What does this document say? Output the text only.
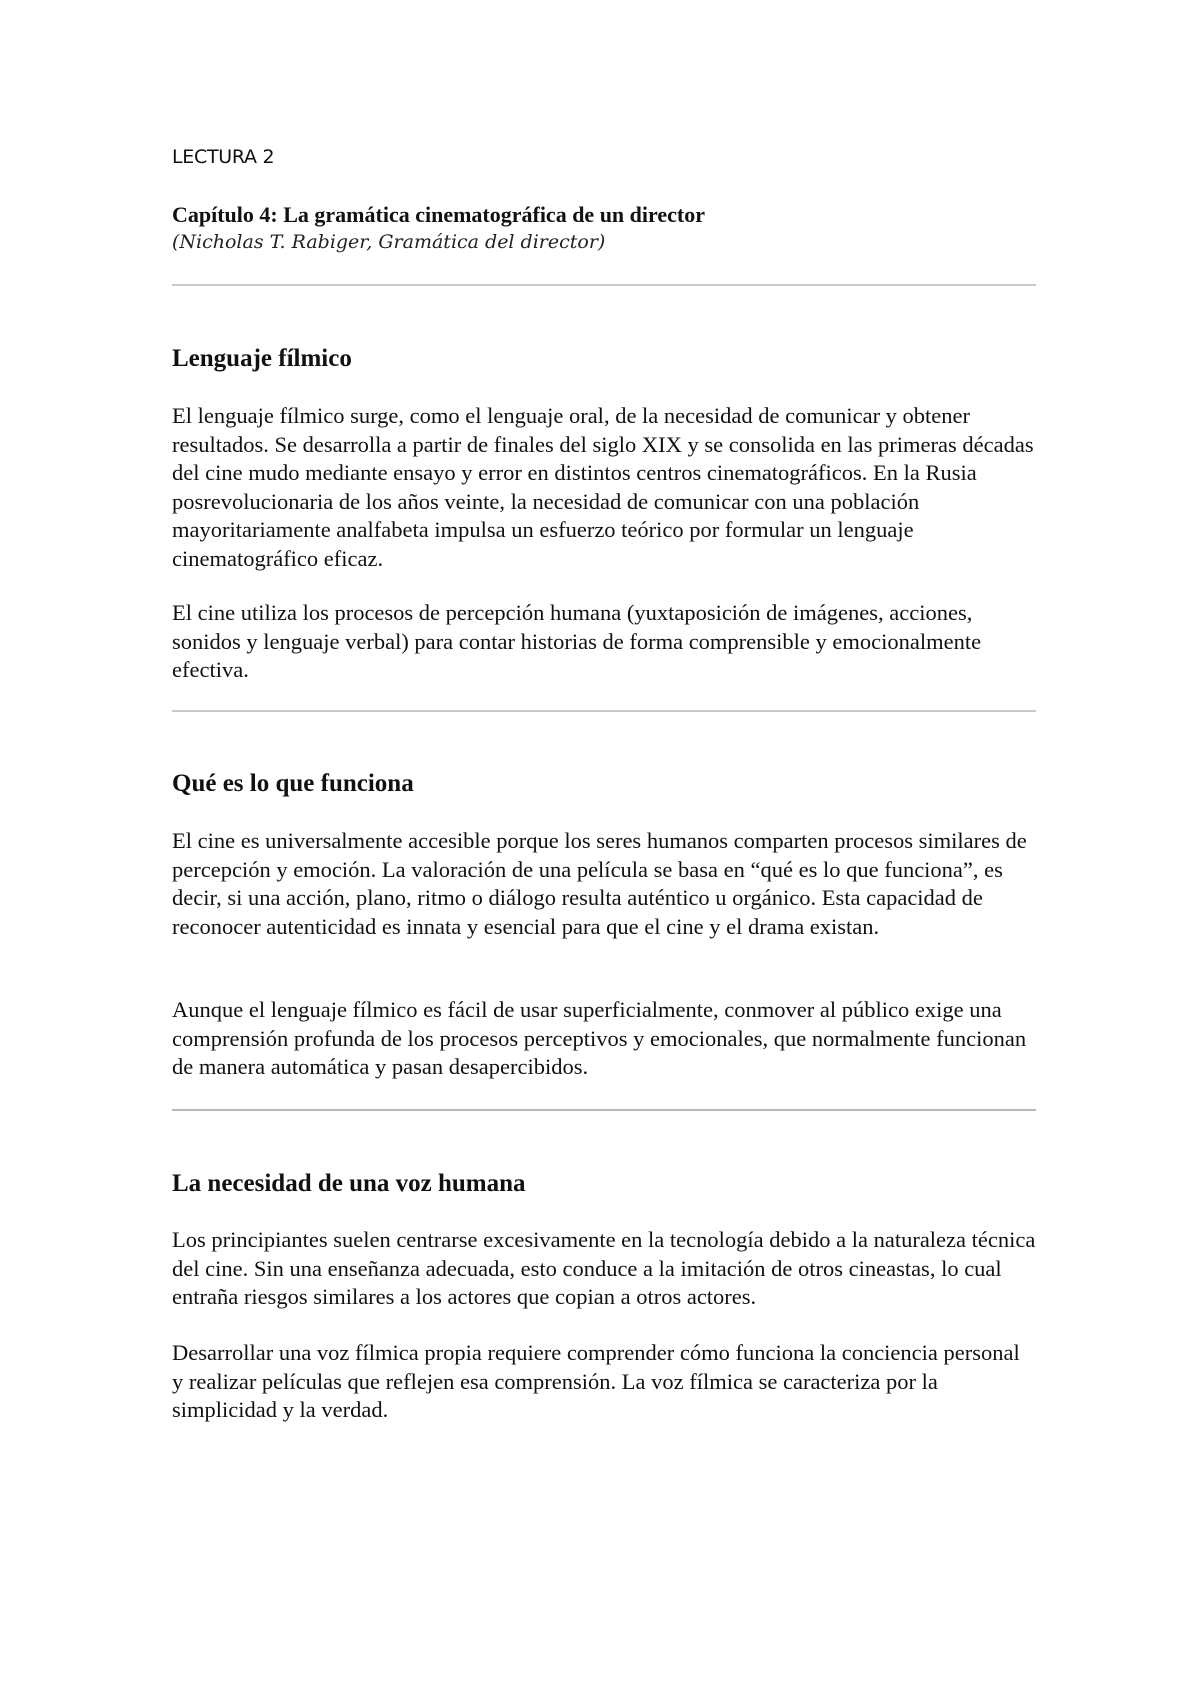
LECTURA 2
Capítulo 4: La gramática cinematográfica de un director
(Nicholas T. Rabiger, Gramática del director)
Lenguaje fílmico

El lenguaje fílmico surge, como el lenguaje oral, de la necesidad de comunicar y obtener resultados. Se desarrolla a partir de finales del siglo XIX y se consolida en las primeras décadas del cine mudo mediante ensayo y error en distintos centros cinematográficos. En la Rusia posrevolucionaria de los años veinte, la necesidad de comunicar con una población mayoritariamente analfabeta impulsa un esfuerzo teórico por formular un lenguaje cinematográfico eficaz.

El cine utiliza los procesos de percepción humana (yuxtaposición de imágenes, acciones, sonidos y lenguaje verbal) para contar historias de forma comprensible y emocionalmente efectiva.

Qué es lo que funciona

El cine es universalmente accesible porque los seres humanos comparten procesos similares de percepción y emoción. La valoración de una película se basa en “qué es lo que funciona”, es decir, si una acción, plano, ritmo o diálogo resulta auténtico u orgánico. Esta capacidad de reconocer autenticidad es innata y esencial para que el cine y el drama existan.

Aunque el lenguaje fílmico es fácil de usar superficialmente, conmover al público exige una comprensión profunda de los procesos perceptivos y emocionales, que normalmente funcionan de manera automática y pasan desapercibidos.

La necesidad de una voz humana

Los principiantes suelen centrarse excesivamente en la tecnología debido a la naturaleza técnica del cine. Sin una enseñanza adecuada, esto conduce a la imitación de otros cineastas, lo cual entraña riesgos similares a los actores que copian a otros actores.

Desarrollar una voz fílmica propia requiere comprender cómo funciona la conciencia personal y realizar películas que reflejen esa comprensión. La voz fílmica se caracteriza por la simplicidad y la verdad.
